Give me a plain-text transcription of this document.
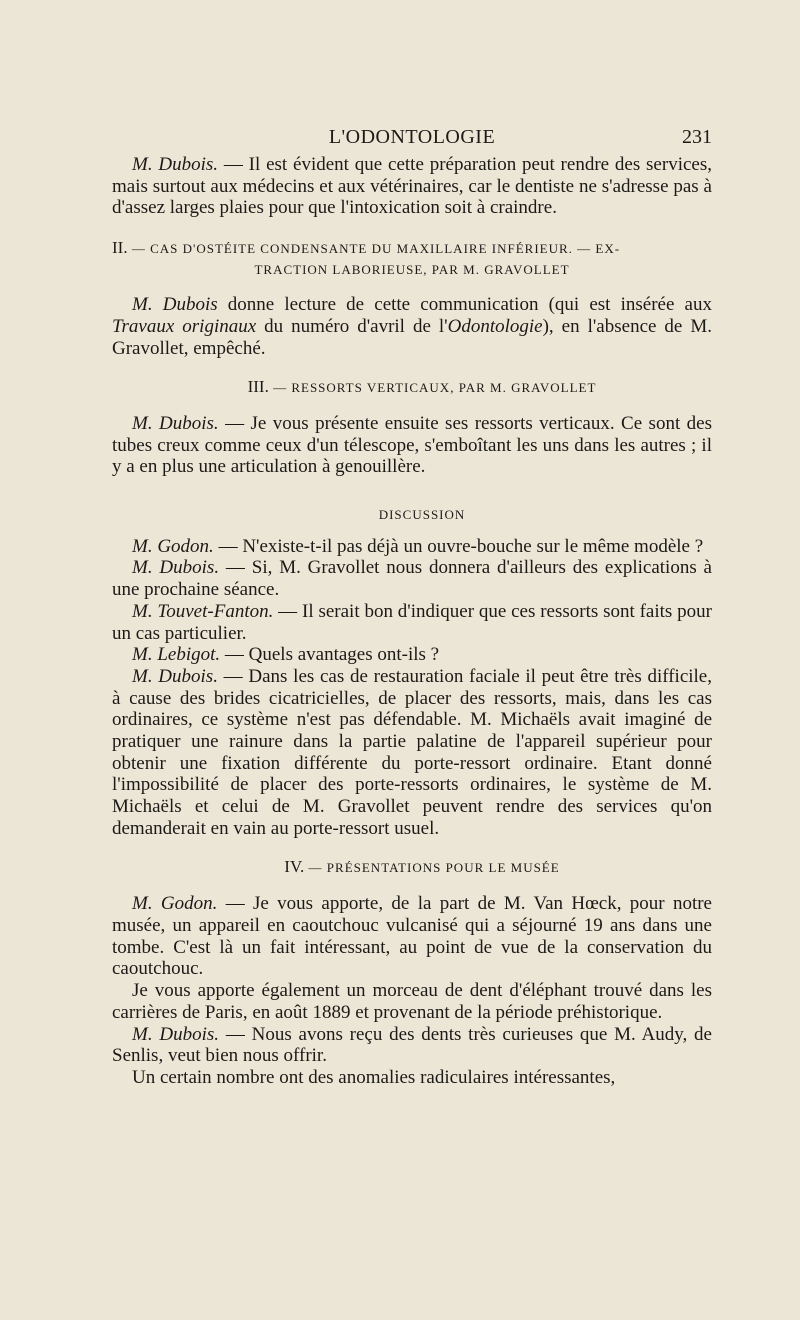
L'ODONTOLOGIE	231

M. Dubois. — Il est évident que cette préparation peut rendre des services, mais surtout aux médecins et aux vétérinaires, car le dentiste ne s'adresse pas à d'assez larges plaies pour que l'intoxication soit à craindre.

II. — CAS D'OSTÉITE CONDENSANTE DU MAXILLAIRE INFÉRIEUR. — EX-
TRACTION LABORIEUSE, PAR M. GRAVOLLET

M. Dubois donne lecture de cette communication (qui est insérée aux Travaux originaux du numéro d'avril de l'Odontologie), en l'absence de M. Gravollet, empêché.

III. — RESSORTS VERTICAUX, PAR M. GRAVOLLET

M. Dubois. — Je vous présente ensuite ses ressorts verticaux. Ce sont des tubes creux comme ceux d'un télescope, s'emboîtant les uns dans les autres ; il y a en plus une articulation à genouillère.

DISCUSSION

M. Godon. — N'existe-t-il pas déjà un ouvre-bouche sur le même modèle ?

M. Dubois. — Si, M. Gravollet nous donnera d'ailleurs des explications à une prochaine séance.

M. Touvet-Fanton. — Il serait bon d'indiquer que ces ressorts sont faits pour un cas particulier.

M. Lebigot. — Quels avantages ont-ils ?

M. Dubois. — Dans les cas de restauration faciale il peut être très difficile, à cause des brides cicatricielles, de placer des ressorts, mais, dans les cas ordinaires, ce système n'est pas défendable. M. Michaëls avait imaginé de pratiquer une rainure dans la partie palatine de l'appareil supérieur pour obtenir une fixation différente du porte-ressort ordinaire. Etant donné l'impossibilité de placer des porte-ressorts ordinaires, le système de M. Michaëls et celui de M. Gravollet peuvent rendre des services qu'on demanderait en vain au porte-ressort usuel.

IV. — PRÉSENTATIONS POUR LE MUSÉE

M. Godon. — Je vous apporte, de la part de M. Van Hœck, pour notre musée, un appareil en caoutchouc vulcanisé qui a séjourné 19 ans dans une tombe. C'est là un fait intéressant, au point de vue de la conservation du caoutchouc.

Je vous apporte également un morceau de dent d'éléphant trouvé dans les carrières de Paris, en août 1889 et provenant de la période préhistorique.

M. Dubois. — Nous avons reçu des dents très curieuses que M. Audy, de Senlis, veut bien nous offrir.

Un certain nombre ont des anomalies radiculaires intéressantes,
